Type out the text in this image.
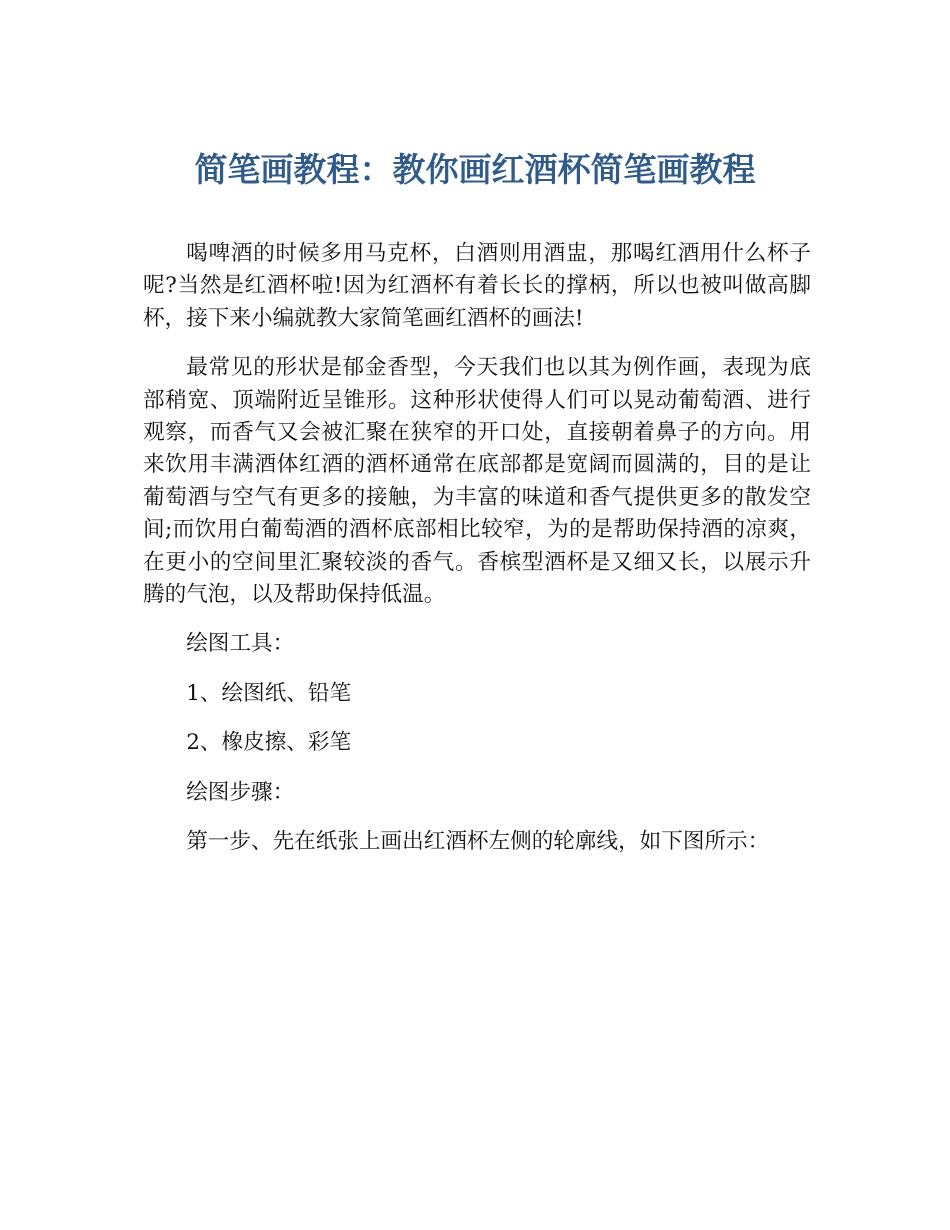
简笔画教程：教你画红酒杯简笔画教程

喝啤酒的时候多用马克杯，白酒则用酒盅，那喝红酒用什么杯子呢?当然是红酒杯啦!因为红酒杯有着长长的撑柄，所以也被叫做高脚杯，接下来小编就教大家简笔画红酒杯的画法!

最常见的形状是郁金香型，今天我们也以其为例作画，表现为底部稍宽、顶端附近呈锥形。这种形状使得人们可以晃动葡萄酒、进行观察，而香气又会被汇聚在狭窄的开口处，直接朝着鼻子的方向。用来饮用丰满酒体红酒的酒杯通常在底部都是宽阔而圆满的，目的是让葡萄酒与空气有更多的接触，为丰富的味道和香气提供更多的散发空间;而饮用白葡萄酒的酒杯底部相比较窄，为的是帮助保持酒的凉爽，在更小的空间里汇聚较淡的香气。香槟型酒杯是又细又长，以展示升腾的气泡，以及帮助保持低温。

绘图工具：

1、绘图纸、铅笔

2、橡皮擦、彩笔

绘图步骤：

第一步、先在纸张上画出红酒杯左侧的轮廓线，如下图所示：
